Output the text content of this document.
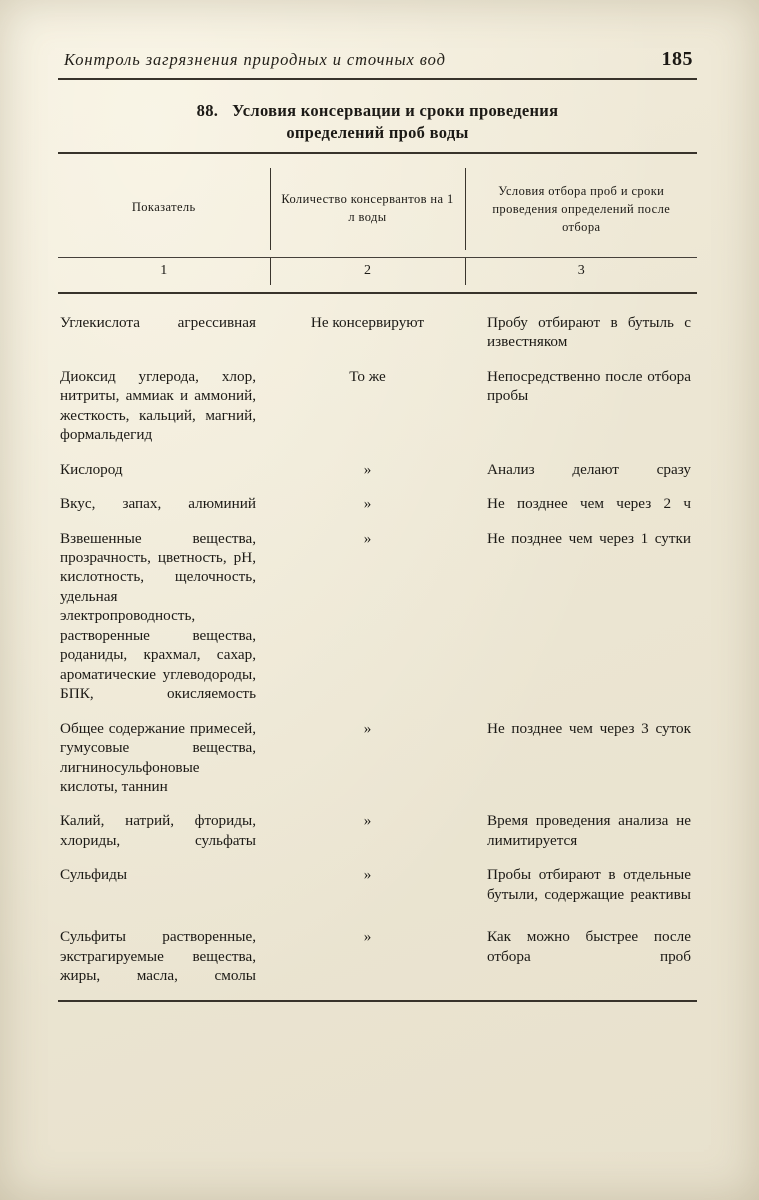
Контроль загрязнения природных и сточных вод	185
88. Условия консервации и сроки проведения
определений проб воды
Показатель	Количество консервантов на 1 л воды	Условия отбора проб и сроки проведения определений после отбора

1	2	3

Углекислота агрессивная	Не консервируют	Пробу отбирают в бутыль с известняком
Диоксид углерода, хлор, нитриты, аммиак и аммоний, жесткость, кальций, магний, формальдегид	То же	Непосредственно после отбора пробы
Кислород	»	Анализ делают сразу
Вкус, запах, алюминий	»	Не позднее чем через 2 ч
Взвешенные вещества, прозрачность, цветность, рН, кислотность, щелочность, удельная электропроводность, растворенные вещества, роданиды, крахмал, сахар, ароматические углеводороды, БПК, окисляемость	»	Не позднее чем через 1 сутки
Общее содержание примесей, гумусовые вещества, лигниносульфоновые кислоты, таннин	»	Не позднее чем через 3 суток
Калий, натрий, фториды, хлориды, сульфаты	»	Время проведения анализа не лимитируется
Сульфиды	»	Пробы отбирают в отдельные бутыли, содержащие реактивы

Сульфиты растворенные, экстрагируемые вещества, жиры, масла, смолы	»	Как можно быстрее после отбора проб
